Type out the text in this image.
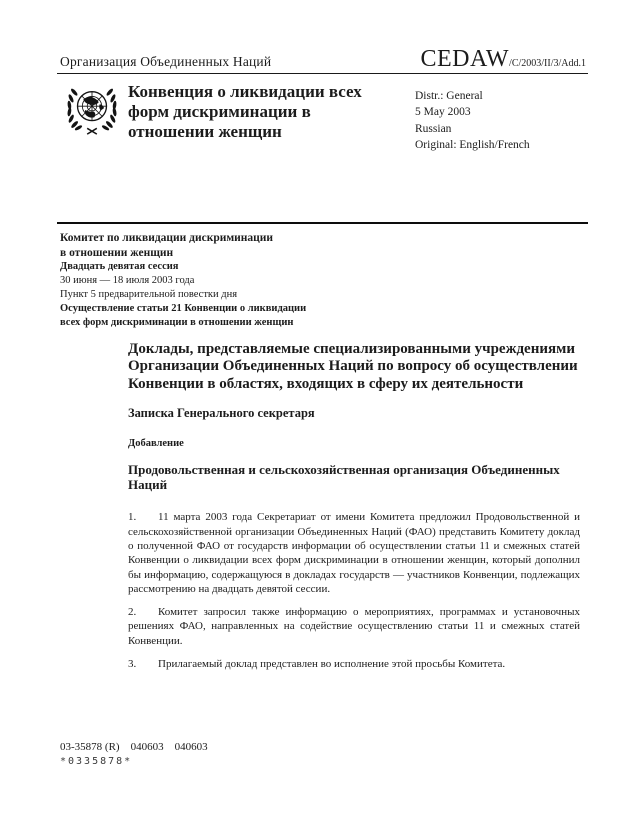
Организация Объединенных Наций	CEDAW/C/2003/II/3/Add.1
Конвенция о ликвидации всех форм дискриминации в отношении женщин
Distr.: General
5 May 2003
Russian
Original: English/French
Комитет по ликвидации дискриминации
в отношении женщин
Двадцать девятая сессия
30 июня — 18 июля 2003 года
Пункт 5 предварительной повестки дня
Осуществление статьи 21 Конвенции о ликвидации
всех форм дискриминации в отношении женщин
Доклады, представляемые специализированными учреждениями Организации Объединенных Наций по вопросу об осуществлении Конвенции в областях, входящих в сферу их деятельности
Записка Генерального секретаря
Добавление
Продовольственная и сельскохозяйственная организация Объединенных Наций

1. 11 марта 2003 года Секретариат от имени Комитета предложил Продовольственной и сельскохозяйственной организации Объединенных Наций (ФАО) представить Комитету доклад о полученной ФАО от государств информации об осуществлении статьи 11 и смежных статей Конвенции о ликвидации всех форм дискриминации в отношении женщин, который дополнил бы информацию, содержащуюся в докладах государств — участников Конвенции, подлежащих рассмотрению на двадцать девятой сессии.

2. Комитет запросил также информацию о мероприятиях, программах и установочных решениях ФАО, направленных на содействие осуществлению статьи 11 и смежных статей Конвенции.

3. Прилагаемый доклад представлен во исполнение этой просьбы Комитета.

03-35878 (R)    040603    040603
*0335878*
